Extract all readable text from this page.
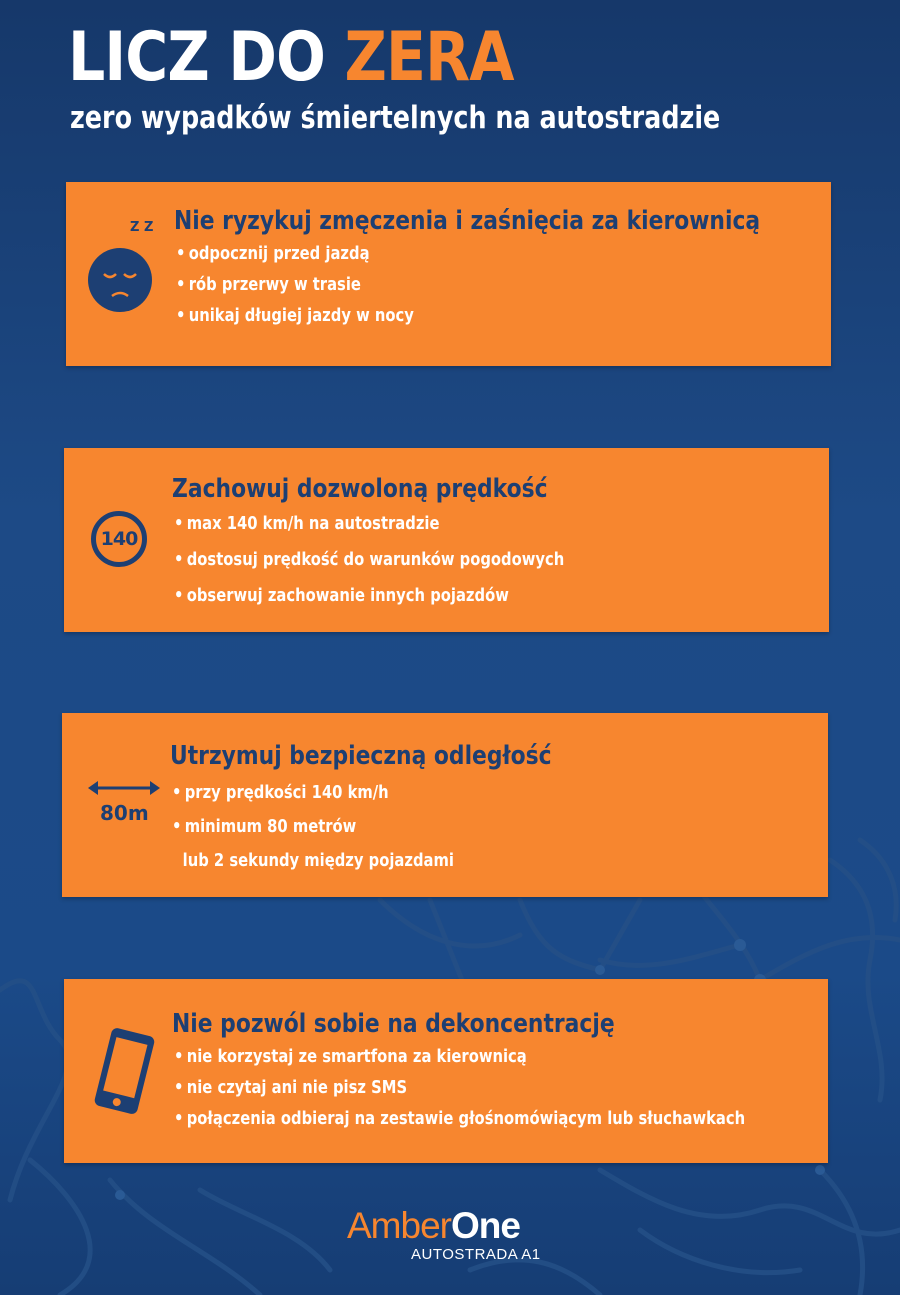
LICZ DO ZERA
zero wypadków śmiertelnych na autostradzie
Z Z Nie ryzykuj zmęczenia i zaśnięcia za kierownicą
• odpocznij przed jazdą
• rób przerwy w trasie
• unikaj długiej jazdy w nocy
140
Zachowuj dozwoloną prędkość
• max 140 km/h na autostradzie
• dostosuj prędkość do warunków pogodowych
• obserwuj zachowanie innych pojazdów
80m
Utrzymuj bezpieczną odległość
• przy prędkości 140 km/h
• minimum 80 metrów
lub 2 sekundy między pojazdami
Nie pozwól sobie na dekoncentrację
• nie korzystaj ze smartfona za kierownicą
• nie czytaj ani nie pisz SMS
• połączenia odbieraj na zestawie głośnomówiącym lub słuchawkach
AmberOne
AUTOSTRADA A1
